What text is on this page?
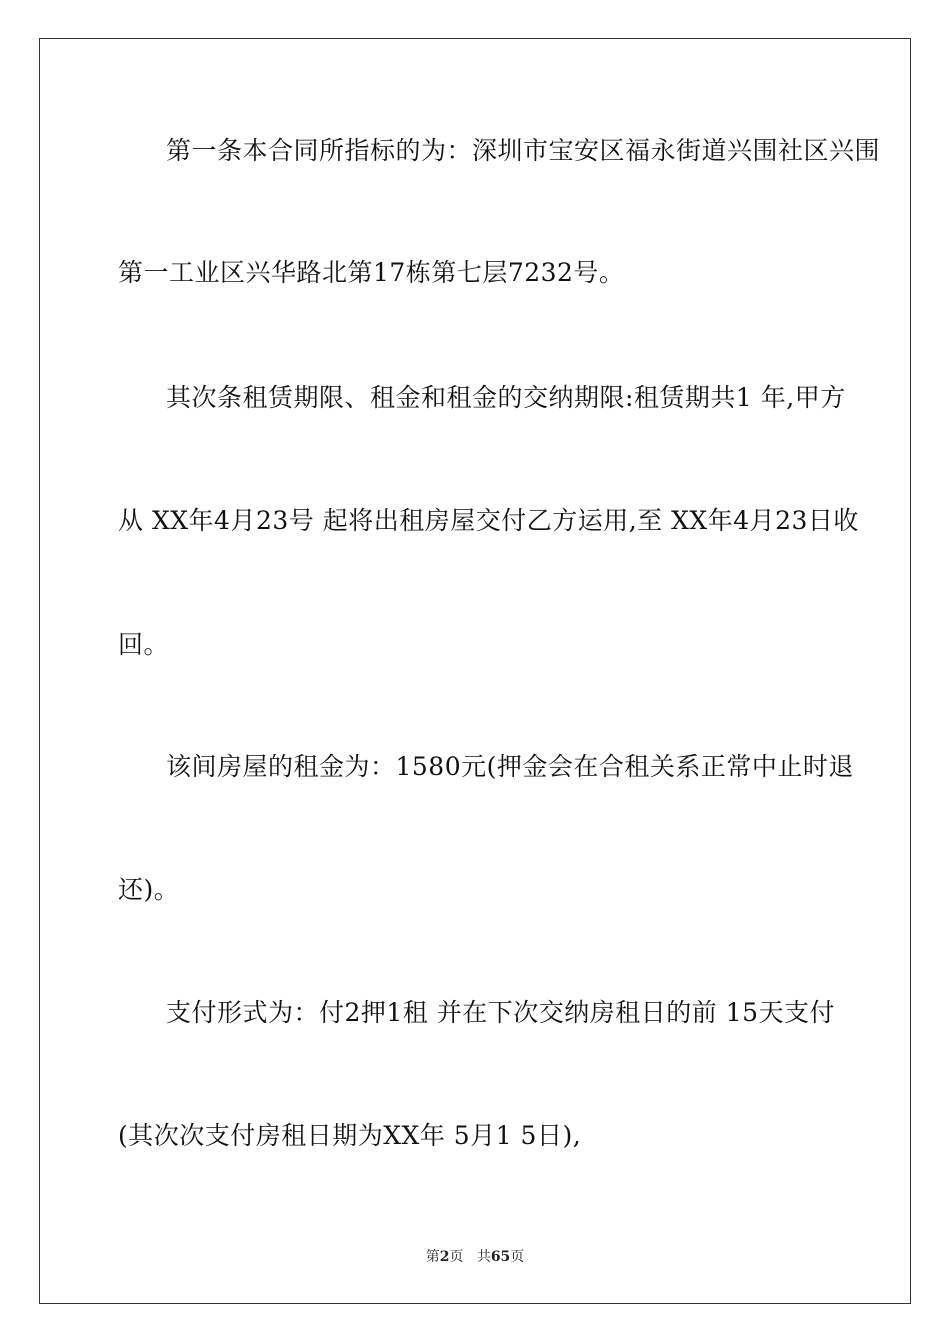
第一条本合同所指标的为：深圳市宝安区福永街道兴围社区兴围
第一工业区兴华路北第17栋第七层7232号。
其次条租赁期限、租金和租金的交纳期限:租赁期共1 年,甲方
从 XX年4月23号 起将出租房屋交付乙方运用,至 XX年4月23日收
回。
该间房屋的租金为：1580元(押金会在合租关系正常中止时退
还)。
支付形式为：付2押1租 并在下次交纳房租日的前 15天支付
(其次次支付房租日期为XX年 5月1 5日),
第2页 共65页
